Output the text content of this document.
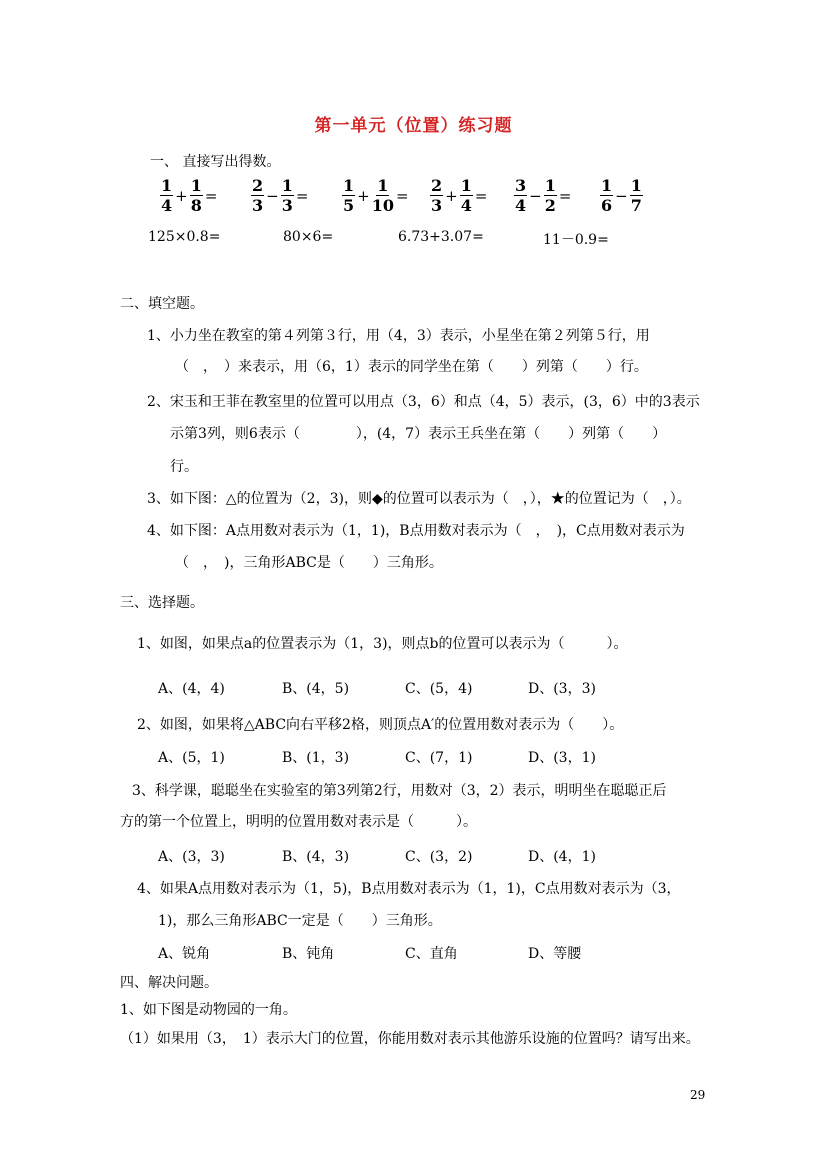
第一单元（位置）练习题
一、 直接写出得数。
$\frac{1}{4} + \frac{1}{8} = \frac{2}{3} - \frac{1}{3} = \frac{1}{5} + \frac{1}{10} = \frac{2}{3} + \frac{1}{4} = \frac{3}{4} - \frac{1}{2} = \frac{1}{6} - \frac{1}{7}$
125×0.8=	80×6=	6.73+3.07=	11－0.9=
二、填空题。
1、小力坐在教室的第４列第３行，用（4，3）表示，小星坐在第２列第５行，用
（　，　）来表示，用（6，1）表示的同学坐在第（　　）列第（　　）行。
2、宋玉和王菲在教室里的位置可以用点（3，6）和点（4，5）表示，(3，6）中的3表示
示第3列，则6表示（　　　　），(4，7）表示王兵坐在第（　　）列第（　　）
行。
3、如下图：△的位置为（2，3)，则◆的位置可以表示为（　，），★的位置记为（　，）。
4、如下图：A点用数对表示为（1，1)，B点用数对表示为（　，　)，C点用数对表示为
（　，　)，三角形ABC是（　　）三角形。
三、选择题。
1、如图，如果点a的位置表示为（1，3)，则点b的位置可以表示为（　　　）。
A、(4，4)	B、(4，5)	C、(5，4)	D、(3，3)
2、如图，如果将△ABC向右平移2格，则顶点A′的位置用数对表示为（　　）。
A、(5，1)	B、(1，3)	C、(7，1)	D、(3，1)
3、科学课，聪聪坐在实验室的第3列第2行，用数对（3，2）表示，明明坐在聪聪正后
方的第一个位置上，明明的位置用数对表示是（　　　）。
A、(3，3)	B、(4，3)	C、(3，2)	D、(4，1)
4、如果A点用数对表示为（1，5)，B点用数对表示为（1，1)，C点用数对表示为（3，
1)，那么三角形ABC一定是（　　）三角形。
A、锐角	B、钝角	C、直角	D、等腰
四、解决问题。
1、如下图是动物园的一角。
（1）如果用（3，　1）表示大门的位置，你能用数对表示其他游乐设施的位置吗？请写出来。
29
